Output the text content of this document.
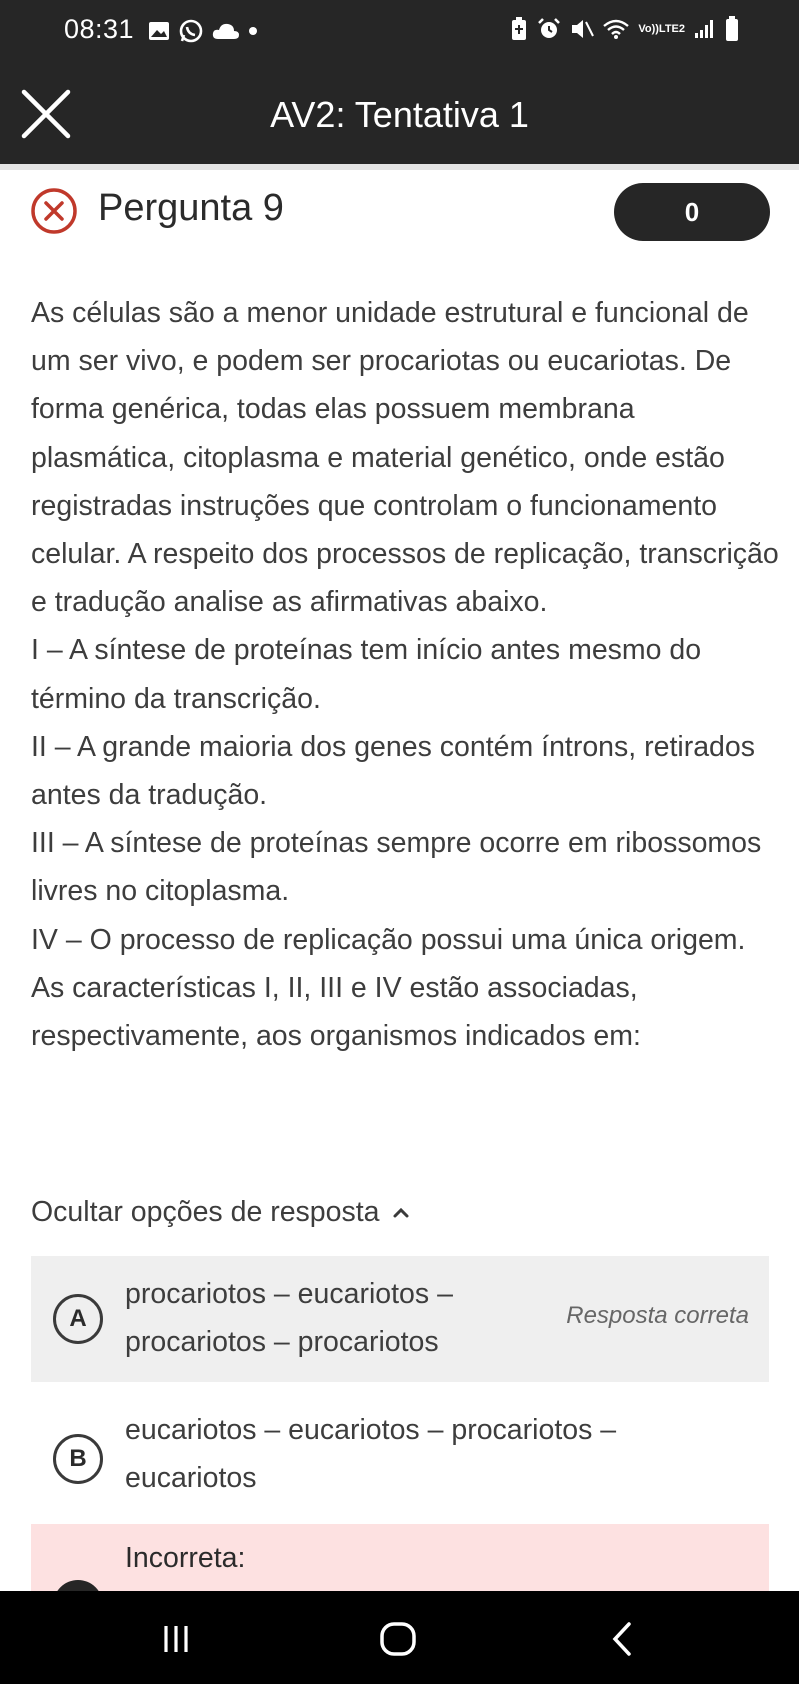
08:31	Vo)) LTE2
AV2: Tentativa 1
Pergunta 9	0

As células são a menor unidade estrutural e funcional de um ser vivo, e podem ser procariotas ou eucariotas. De forma genérica, todas elas possuem membrana plasmática, citoplasma e material genético, onde estão registradas instruções que controlam o funcionamento celular. A respeito dos processos de replicação, transcrição e tradução analise as afirmativas abaixo.

I – A síntese de proteínas tem início antes mesmo do término da transcrição.

II – A grande maioria dos genes contém íntrons, retirados antes da tradução.

III – A síntese de proteínas sempre ocorre em ribossomos livres no citoplasma.

IV – O processo de replicação possui uma única origem.

As características I, II, III e IV estão associadas, respectivamente, aos organismos indicados em:

Ocultar opções de resposta
A
procariotos – eucariotos – procariotos – procariotos
Resposta correta
B
eucariotos – eucariotos – procariotos – eucariotos
Incorreta:
